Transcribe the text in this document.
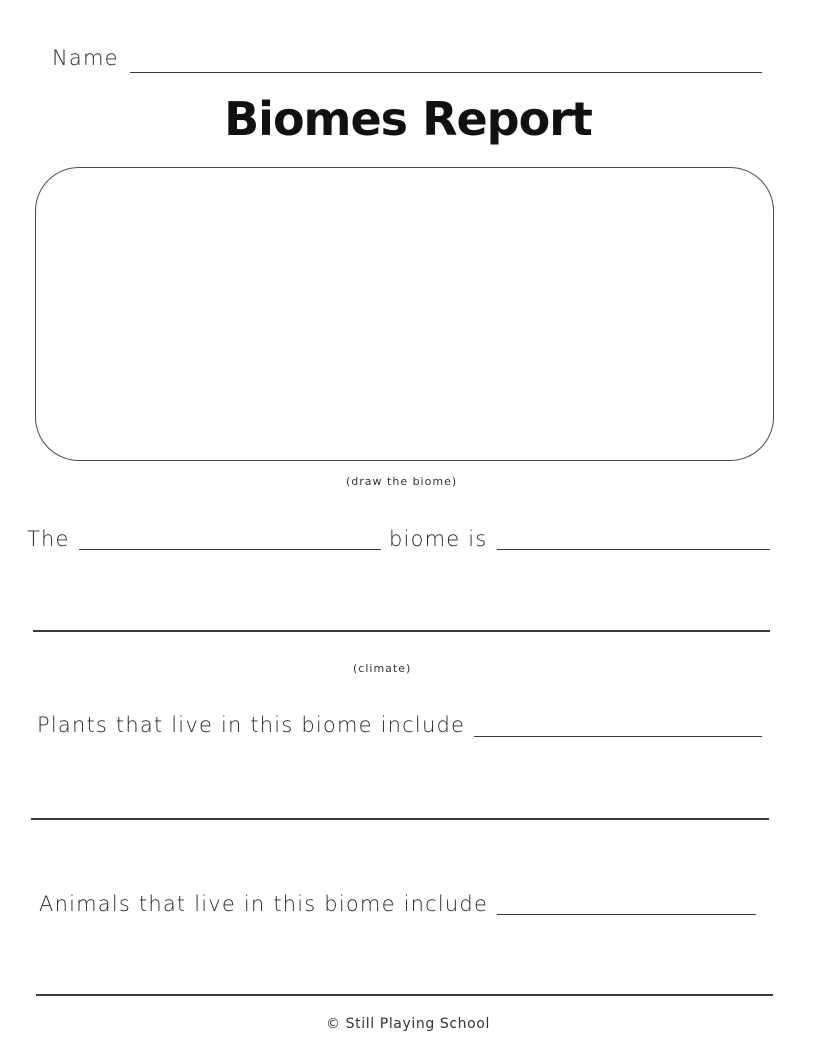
Name
Biomes Report
(draw the biome)
The	biome is
(climate)
Plants that live in this biome include
Animals that live in this biome include
© Still Playing School
